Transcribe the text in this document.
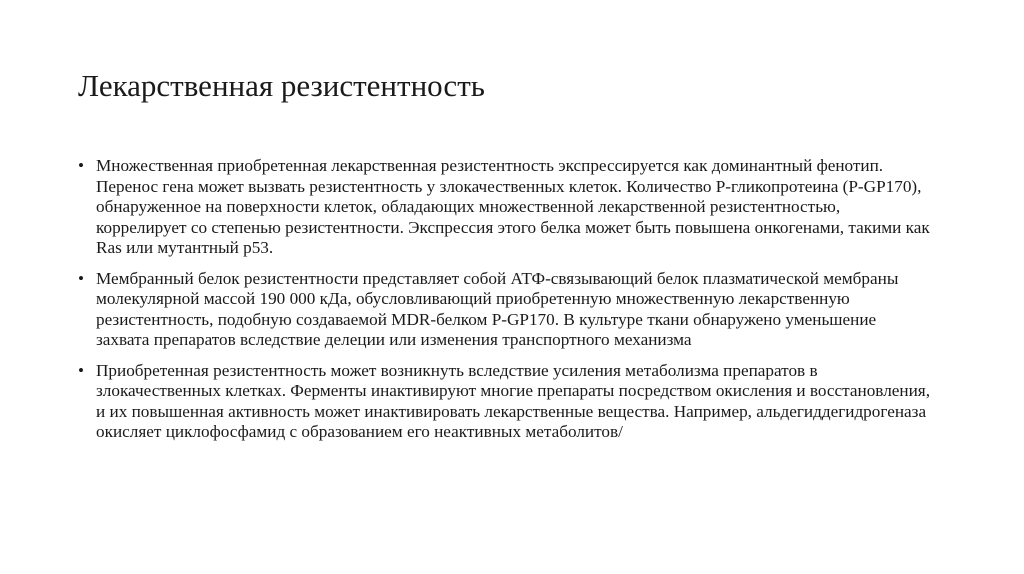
Лекарственная резистентность
• Множественная приобретенная лекарственная резистентность экспрессируется как доминантный фенотип. Перенос гена может вызвать резистентность у злокачественных клеток. Количество P-гликопротеина (P-GP170), обнаруженное на поверхности клеток, обладающих множественной лекарственной резистентностью, коррелирует со степенью резистентности. Экспрессия этого белка может быть повышена онкогенами, такими как Ras или мутантный p53.
• Мембранный белок резистентности представляет собой АТФ-связывающий белок плазматической мембраны молекулярной массой 190 000 кДа, обусловливающий приобретенную множественную лекарственную резистентность, подобную создаваемой MDR-белком P-GP170. В культуре ткани обнаружено уменьшение захвата препаратов вследствие делеции или изменения транспортного механизма
• Приобретенная резистентность может возникнуть вследствие усиления метаболизма препаратов в злокачественных клетках. Ферменты инактивируют многие препараты посредством окисления и восстановления, и их повышенная активность может инактивировать лекарственные вещества. Например, альдегиддегидрогеназа окисляет циклофосфамид с образованием его неактивных метаболитов/
